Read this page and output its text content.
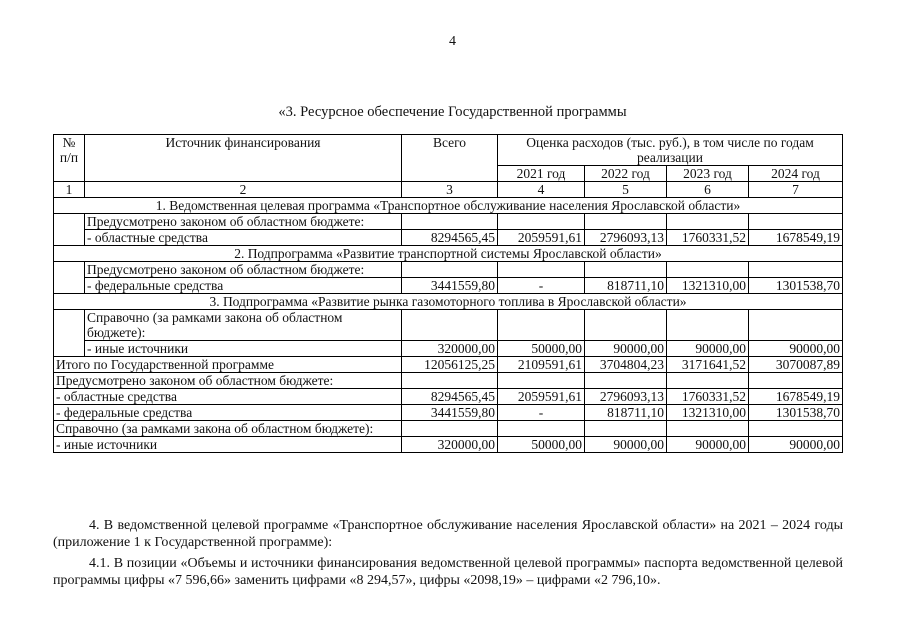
4
«3. Ресурсное обеспечение Государственной программы
№ п/п	Источник финансирования	Всего	Оценка расходов (тыс. руб.), в том числе по годам реализации			
			2021 год	2022 год	2023 год	2024 год
1	2	3	4	5	6	7
1. Ведомственная целевая программа «Транспортное обслуживание населения Ярославской области»						
	Предусмотрено законом об областном бюджете:					
	- областные средства	8294565,45	2059591,61	2796093,13	1760331,52	1678549,19
2. Подпрограмма «Развитие транспортной системы Ярославской области»						
	Предусмотрено законом об областном бюджете:					
	- федеральные средства	3441559,80	-	818711,10	1321310,00	1301538,70
3. Подпрограмма «Развитие рынка газомоторного топлива в Ярославской области»						
	Справочно (за рамками закона об областном бюджете):					
	- иные источники	320000,00	50000,00	90000,00	90000,00	90000,00
Итого по Государственной программе		12056125,25	2109591,61	3704804,23	3171641,52	3070087,89
Предусмотрено законом об областном бюджете:						
- областные средства		8294565,45	2059591,61	2796093,13	1760331,52	1678549,19
- федеральные средства		3441559,80	-	818711,10	1321310,00	1301538,70
Справочно (за рамками закона об областном бюджете):						
- иные источники		320000,00	50000,00	90000,00	90000,00	90000,00

4. В ведомственной целевой программе «Транспортное обслуживание населения Ярославской области» на 2021 – 2024 годы (приложение 1 к Государственной программе):

4.1. В позиции «Объемы и источники финансирования ведомственной целевой программы» паспорта ведомственной целевой программы цифры «7 596,66» заменить цифрами «8 294,57», цифры «2098,19» – цифрами «2 796,10».
